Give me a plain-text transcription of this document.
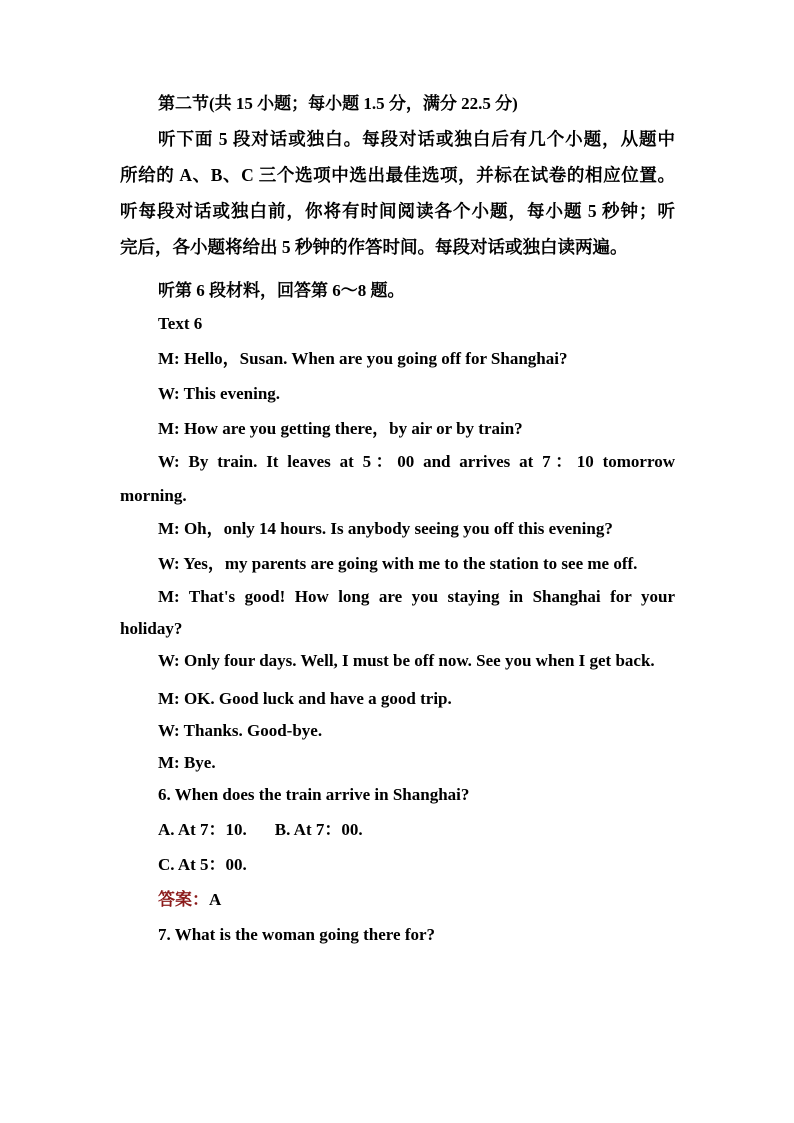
第二节(共 15 小题；每小题 1.5 分，满分 22.5 分)

听下面 5 段对话或独白。每段对话或独白后有几个小题，从题中
所给的 A、B、C 三个选项中选出最佳选项，并标在试卷的相应位置。
听每段对话或独白前，你将有时间阅读各个小题，每小题 5 秒钟；听
完后，各小题将给出 5 秒钟的作答时间。每段对话或独白读两遍。

听第 6 段材料，回答第 6～8 题。

Text 6

M: Hello，Susan. When are you going off for Shanghai?

W: This evening.

M: How are you getting there，by air or by train?

W: By train. It leaves at 5：00 and arrives at 7：10 tomorrow morning.

M: Oh，only 14 hours. Is anybody seeing you off this evening?

W: Yes，my parents are going with me to the station to see me off.

M: That's good! How long are you staying in Shanghai for your holiday?

W: Only four days. Well, I must be off now. See you when I get back.

M: OK. Good luck and have a good trip.

W: Thanks. Good-bye.

M: Bye.

6. When does the train arrive in Shanghai?

A. At 7：10. B. At 7：00.

C. At 5：00.

答案：A

7. What is the woman going there for?
